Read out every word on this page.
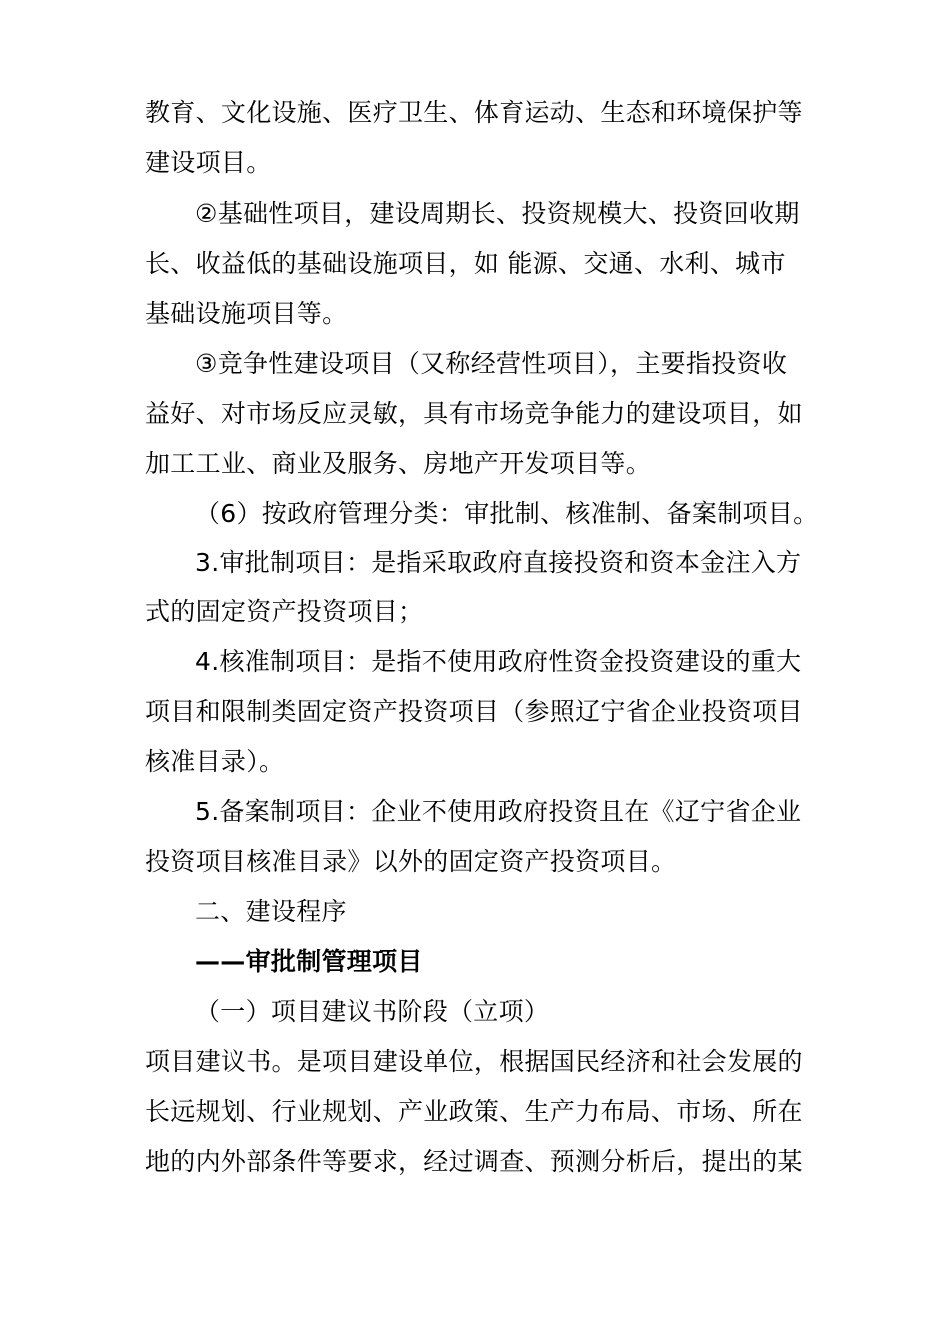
教育、文化设施、医疗卫生、体育运动、生态和环境保护等
建设项目。
②基础性项目，建设周期长、投资规模大、投资回收期
长、收益低的基础设施项目，如 能源、交通、水利、城市
基础设施项目等。
③竞争性建设项目（又称经营性项目），主要指投资收
益好、对市场反应灵敏，具有市场竞争能力的建设项目，如
加工工业、商业及服务、房地产开发项目等。
（6）按政府管理分类：审批制、核准制、备案制项目。
3.审批制项目：是指采取政府直接投资和资本金注入方
式的固定资产投资项目；
4.核准制项目：是指不使用政府性资金投资建设的重大
项目和限制类固定资产投资项目（参照辽宁省企业投资项目
核准目录）。
5.备案制项目：企业不使用政府投资且在《辽宁省企业
投资项目核准目录》以外的固定资产投资项目。
二、建设程序
——审批制管理项目
（一）项目建议书阶段（立项）
项目建议书。是项目建设单位，根据国民经济和社会发展的
长远规划、行业规划、产业政策、生产力布局、市场、所在
地的内外部条件等要求，经过调查、预测分析后，提出的某
